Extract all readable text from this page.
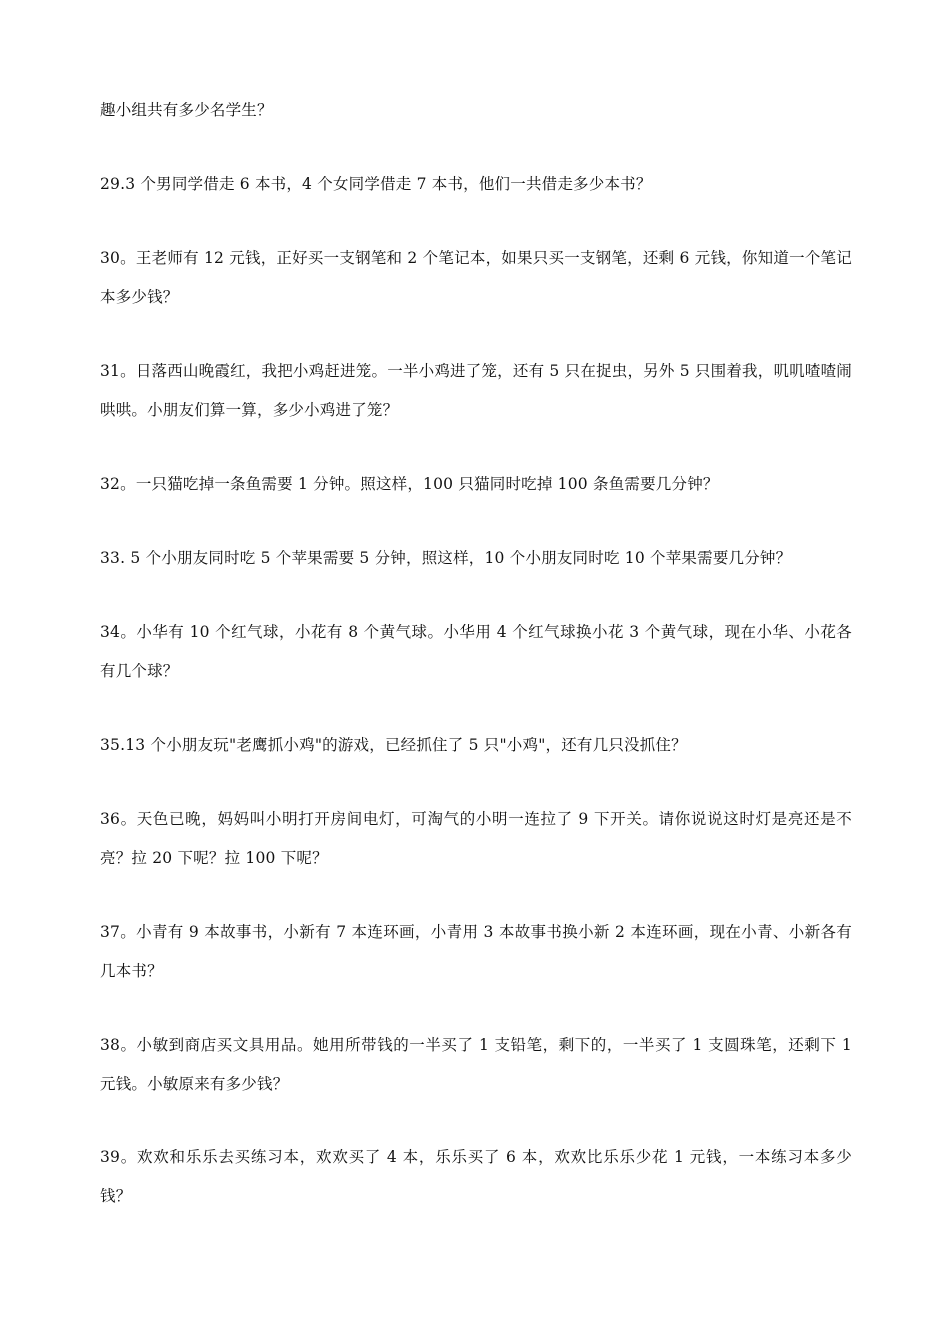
趣小组共有多少名学生？

29.3 个男同学借走 6 本书，4 个女同学借走 7 本书，他们一共借走多少本书？

30。王老师有 12 元钱，正好买一支钢笔和 2 个笔记本，如果只买一支钢笔，还剩 6 元钱，你知道一个笔记本多少钱？

31。日落西山晚霞红，我把小鸡赶进笼。一半小鸡进了笼，还有 5 只在捉虫，另外 5 只围着我，叽叽喳喳闹哄哄。小朋友们算一算，多少小鸡进了笼？

32。一只猫吃掉一条鱼需要 1 分钟。照这样，100 只猫同时吃掉 100 条鱼需要几分钟？

33. 5 个小朋友同时吃 5 个苹果需要 5 分钟，照这样，10 个小朋友同时吃 10 个苹果需要几分钟？

34。小华有 10 个红气球，小花有 8 个黄气球。小华用 4 个红气球换小花 3 个黄气球，现在小华、小花各有几个球？

35.13 个小朋友玩"老鹰抓小鸡"的游戏，已经抓住了 5 只"小鸡"，还有几只没抓住？

36。天色已晚，妈妈叫小明打开房间电灯，可淘气的小明一连拉了 9 下开关。请你说说这时灯是亮还是不亮？拉 20 下呢？拉 100 下呢？

37。小青有 9 本故事书，小新有 7 本连环画，小青用 3 本故事书换小新 2 本连环画，现在小青、小新各有几本书？

38。小敏到商店买文具用品。她用所带钱的一半买了 1 支铅笔，剩下的，一半买了 1 支圆珠笔，还剩下 1 元钱。小敏原来有多少钱？

39。欢欢和乐乐去买练习本，欢欢买了 4 本，乐乐买了 6 本，欢欢比乐乐少花 1 元钱，一本练习本多少钱？
